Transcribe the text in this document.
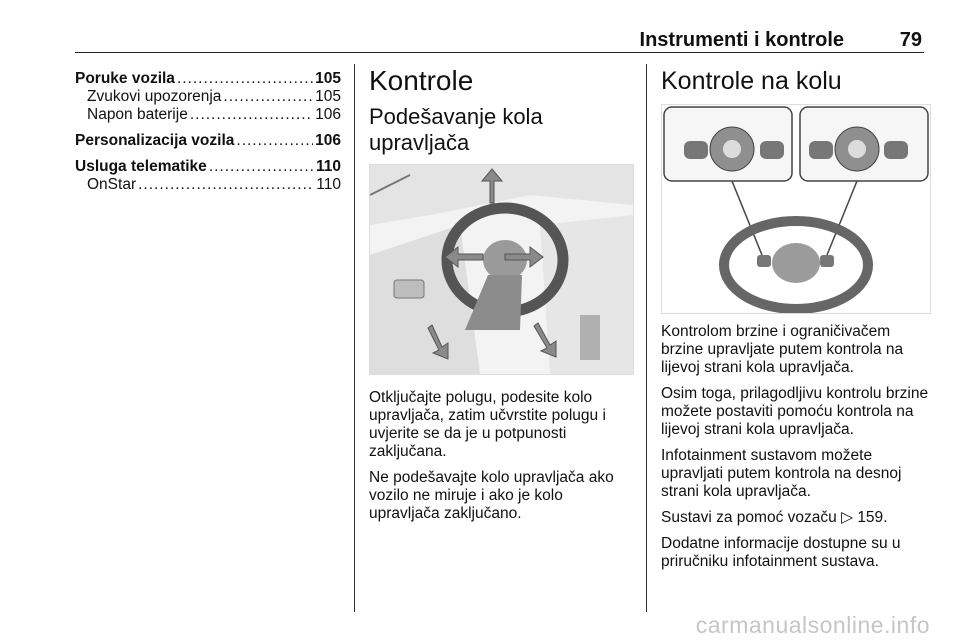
Instrumenti i kontrole	79
Poruke vozila .....	105
Zvukovi upozorenja .....	105
Napon baterije .....	106
Personalizacija vozila .....	106
Usluga telematike .....	110
OnStar .....	110
Kontrole
Podešavanje kola
upravljača

Otključajte polugu, podesite kolo upravljača, zatim učvrstite polugu i uvjerite se da je u potpunosti zaključana.

Ne podešavajte kolo upravljača ako vozilo ne miruje i ako je kolo upravljača zaključano.

Kontrole na kolu

Kontrolom brzine i ograničivačem brzine upravljate putem kontrola na lijevoj strani kola upravljača.

Osim toga, prilagodljivu kontrolu brzine možete postaviti pomoću kontrola na lijevoj strani kola upravljača.

Infotainment sustavom možete upravljati putem kontrola na desnoj strani kola upravljača.

Sustavi za pomoć vozaču ▷ 159.

Dodatne informacije dostupne su u priručniku infotainment sustava.

carmanualsonline.info
